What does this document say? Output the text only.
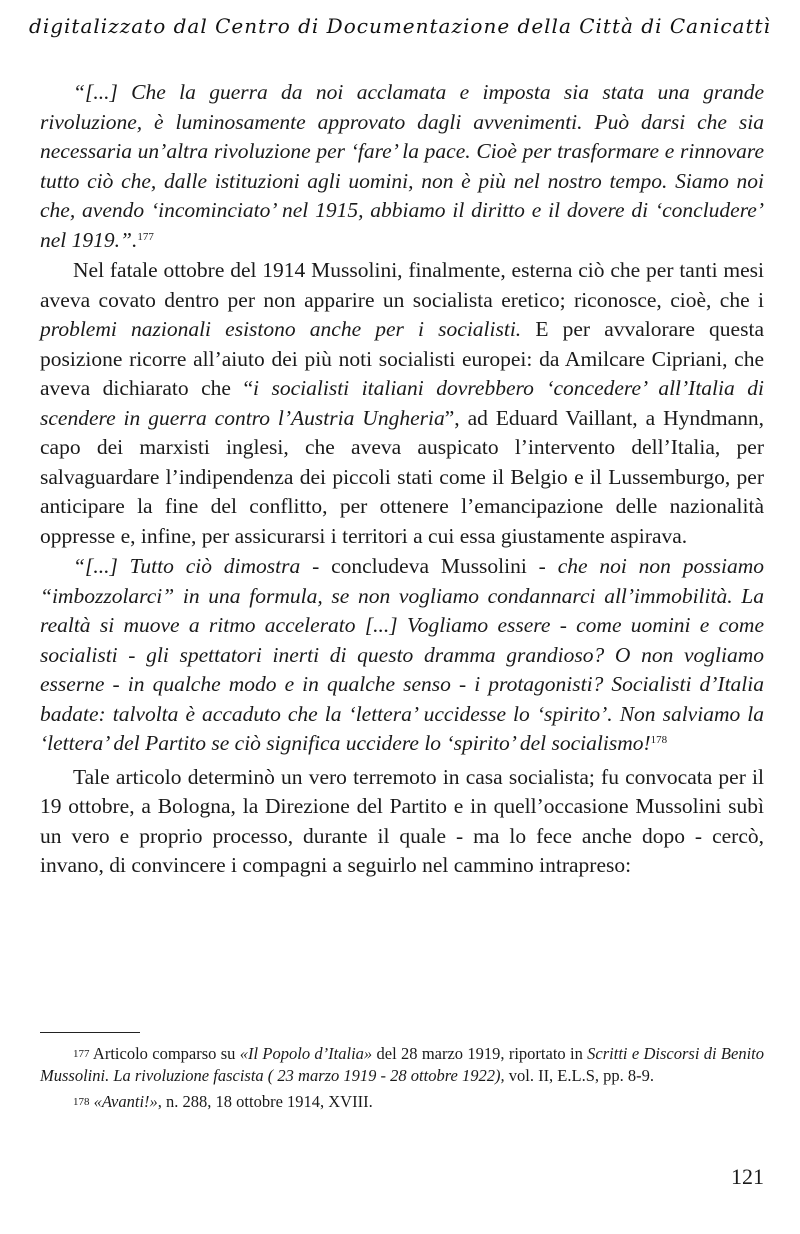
digitalizzato dal Centro di Documentazione della Città di Canicattì

“[...] Che la guerra da noi acclamata e imposta sia stata una grande rivoluzione, è luminosamente approvato dagli avvenimenti. Può darsi che sia necessaria un’altra rivoluzione per ‘fare’ la pace. Cioè per trasformare e rinnovare tutto ciò che, dalle istituzioni agli uomini, non è più nel nostro tempo. Siamo noi che, avendo ‘incominciato’ nel 1915, abbiamo il diritto e il dovere di ‘concludere’ nel 1919.”.$^{177}$

Nel fatale ottobre del 1914 Mussolini, finalmente, esterna ciò che per tanti mesi aveva covato dentro per non apparire un socialista eretico; riconosce, cioè, che i problemi nazionali esistono anche per i socialisti. E per avvalorare questa posizione ricorre all’aiuto dei più noti socialisti europei: da Amilcare Cipriani, che aveva dichiarato che “i socialisti italiani dovrebbero ‘concedere’ all’Italia di scendere in guerra contro l’Austria Ungheria”, ad Eduard Vaillant, a Hyndmann, capo dei marxisti inglesi, che aveva auspicato l’intervento dell’Italia, per salvaguardare l’indipendenza dei piccoli stati come il Belgio e il Lussemburgo, per anticipare la fine del conflitto, per ottenere l’emancipazione delle nazionalità oppresse e, infine, per assicurarsi i territori a cui essa giustamente aspirava.

“[...] Tutto ciò dimostra - concludeva Mussolini - che noi non possiamo “imbozzolarci” in una formula, se non vogliamo condannarci all’immobilità. La realtà si muove a ritmo accelerato [...] Vogliamo essere - come uomini e come socialisti - gli spettatori inerti di questo dramma grandioso? O non vogliamo esserne - in qualche modo e in qualche senso - i protagonisti? Socialisti d’Italia badate: talvolta è accaduto che la ‘lettera’ uccidesse lo ‘spirito’. Non salviamo la ‘lettera’ del Partito se ciò significa uccidere lo ‘spirito’ del socialismo!$^{178}$

Tale articolo determinò un vero terremoto in casa socialista; fu convocata per il 19 ottobre, a Bologna, la Direzione del Partito e in quell’occasione Mussolini subì un vero e proprio processo, durante il quale - ma lo fece anche dopo - cercò, invano, di convincere i compagni a seguirlo nel cammino intrapreso:

$^{177}$ Articolo comparso su «Il Popolo d’Italia» del 28 marzo 1919, riportato in Scritti e Discorsi di Benito Mussolini. La rivoluzione fascista ( 23 marzo 1919 - 28 ottobre 1922), vol. II, E.L.S, pp. 8-9.

$^{178}$ «Avanti!», n. 288, 18 ottobre 1914, XVIII.

121
